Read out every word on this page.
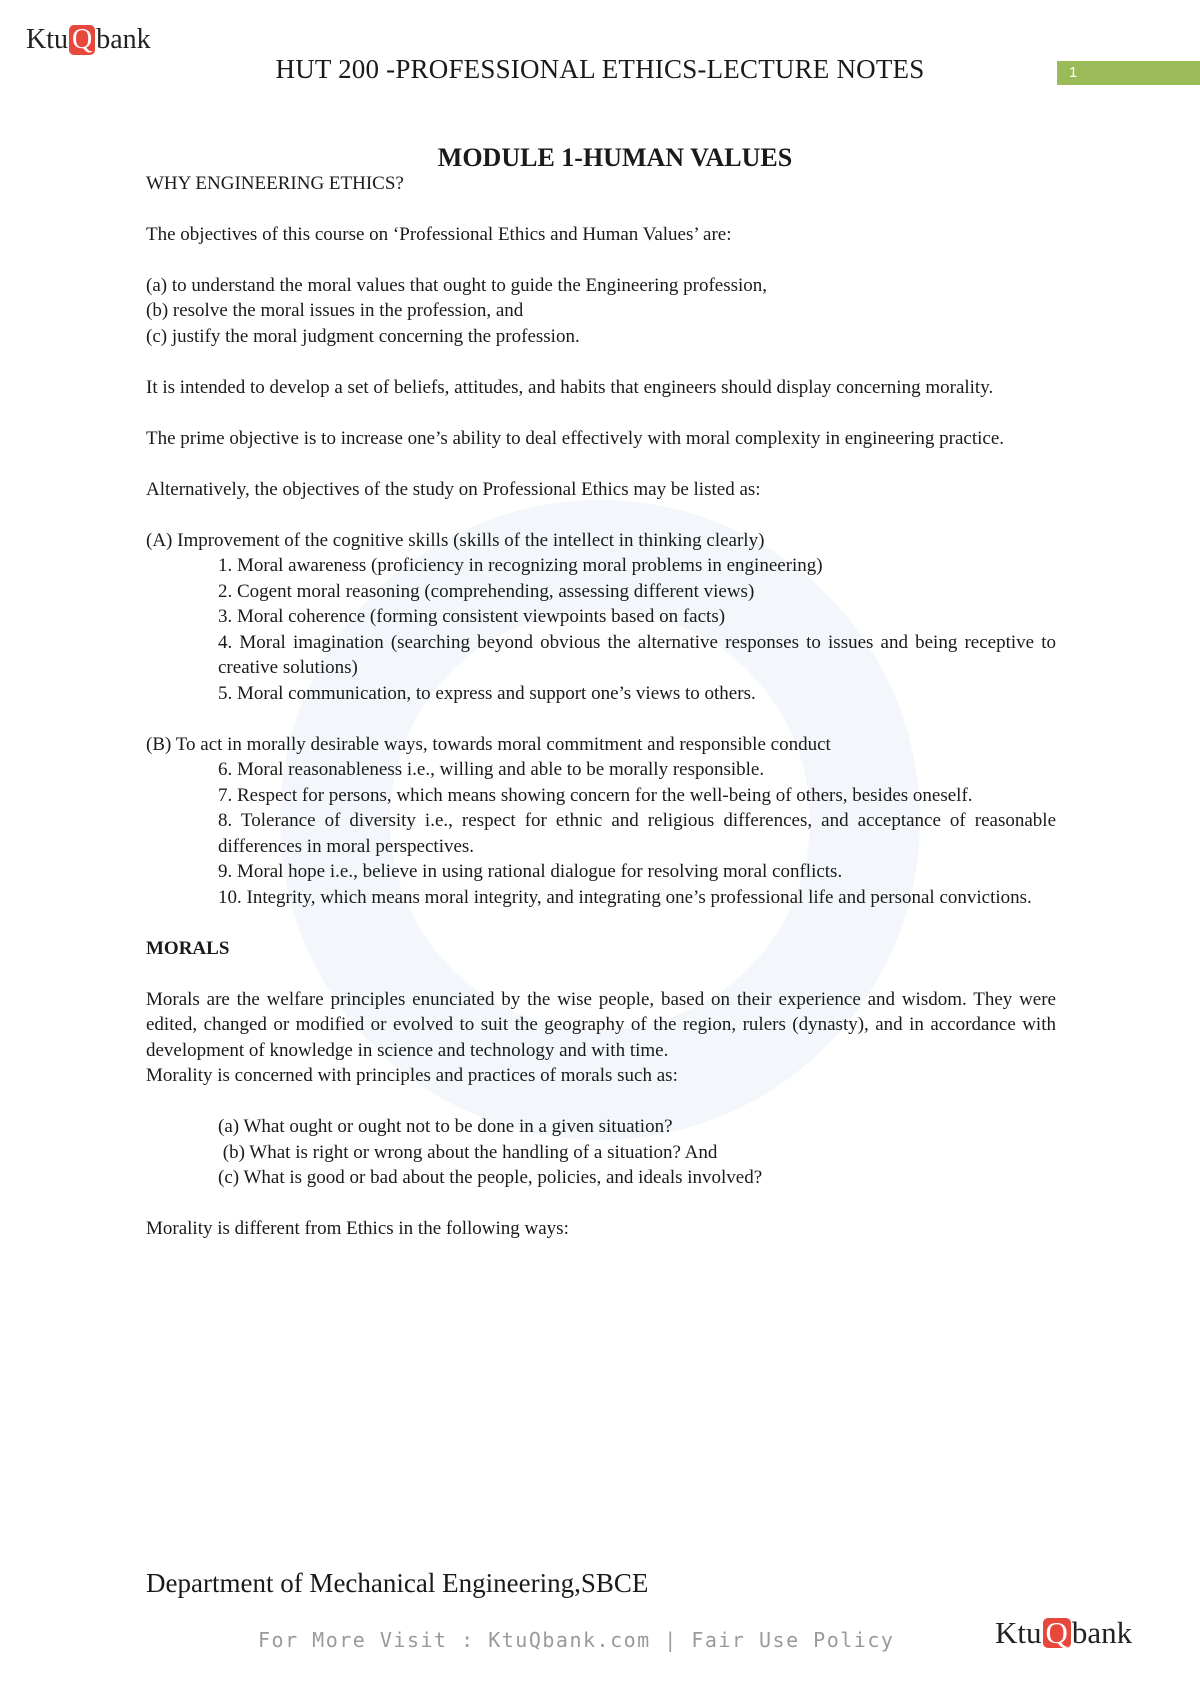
Ktu Q bank
HUT 200 -PROFESSIONAL ETHICS-LECTURE NOTES	1

MODULE 1-HUMAN VALUES

WHY ENGINEERING ETHICS?

The objectives of this course on ‘Professional Ethics and Human Values’ are:

(a) to understand the moral values that ought to guide the Engineering profession,

(b) resolve the moral issues in the profession, and

(c) justify the moral judgment concerning the profession.

It is intended to develop a set of beliefs, attitudes, and habits that engineers should display concerning morality.

The prime objective is to increase one’s ability to deal effectively with moral complexity in engineering practice.

Alternatively, the objectives of the study on Professional Ethics may be listed as:

(A) Improvement of the cognitive skills (skills of the intellect in thinking clearly)

1. Moral awareness (proficiency in recognizing moral problems in engineering)

2. Cogent moral reasoning (comprehending, assessing different views)

3. Moral coherence (forming consistent viewpoints based on facts)

4. Moral imagination (searching beyond obvious the alternative responses to issues and being receptive to creative solutions)

5. Moral communication, to express and support one’s views to others.

(B) To act in morally desirable ways, towards moral commitment and responsible conduct

6. Moral reasonableness i.e., willing and able to be morally responsible.

7. Respect for persons, which means showing concern for the well-being of others, besides oneself.

8. Tolerance of diversity i.e., respect for ethnic and religious differences, and acceptance of reasonable differences in moral perspectives.

9. Moral hope i.e., believe in using rational dialogue for resolving moral conflicts.

10. Integrity, which means moral integrity, and integrating one’s professional life and personal convictions.

MORALS

Morals are the welfare principles enunciated by the wise people, based on their experience and wisdom. They were edited, changed or modified or evolved to suit the geography of the region, rulers (dynasty), and in accordance with development of knowledge in science and technology and with time.

Morality is concerned with principles and practices of morals such as:

(a) What ought or ought not to be done in a given situation?

(b) What is right or wrong about the handling of a situation? And

(c) What is good or bad about the people, policies, and ideals involved?

Morality is different from Ethics in the following ways:

Department of Mechanical Engineering,SBCE
For More Visit : KtuQbank.com | Fair Use Policy	Ktu Q bank
